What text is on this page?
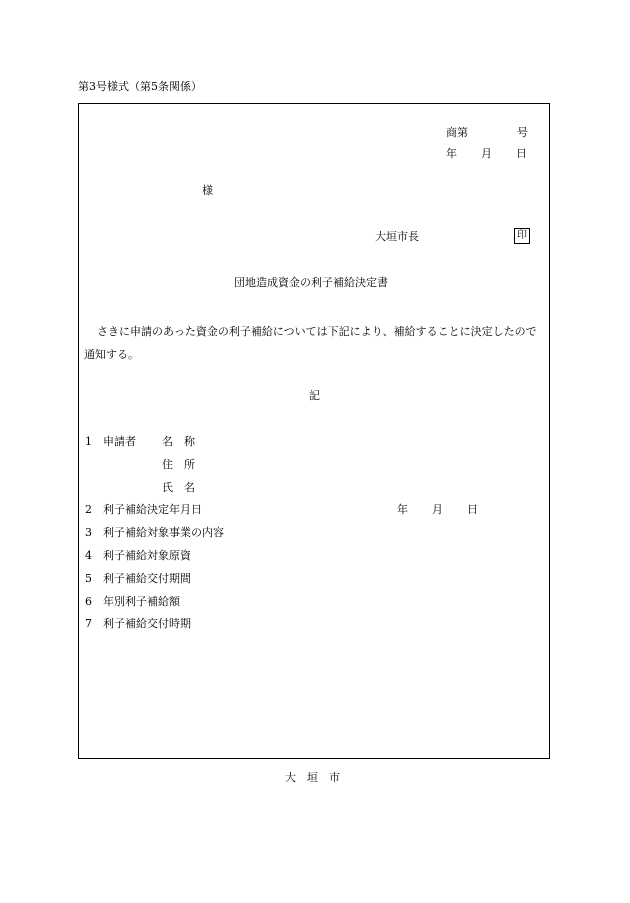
第3号様式（第5条関係）
商第	号
年 月 日
様
大垣市長	印
団地造成資金の利子補給決定書
さきに申請のあった資金の利子補給については下記により、補給することに決定したので通知する。
記
1 申請者 名　称
住　所
氏　名
2 利子補給決定年月日	年 月 日
3 利子補給対象事業の内容
4 利子補給対象原資
5 利子補給交付期間
6 年別利子補給額
7 利子補給交付時期
大　垣　市
